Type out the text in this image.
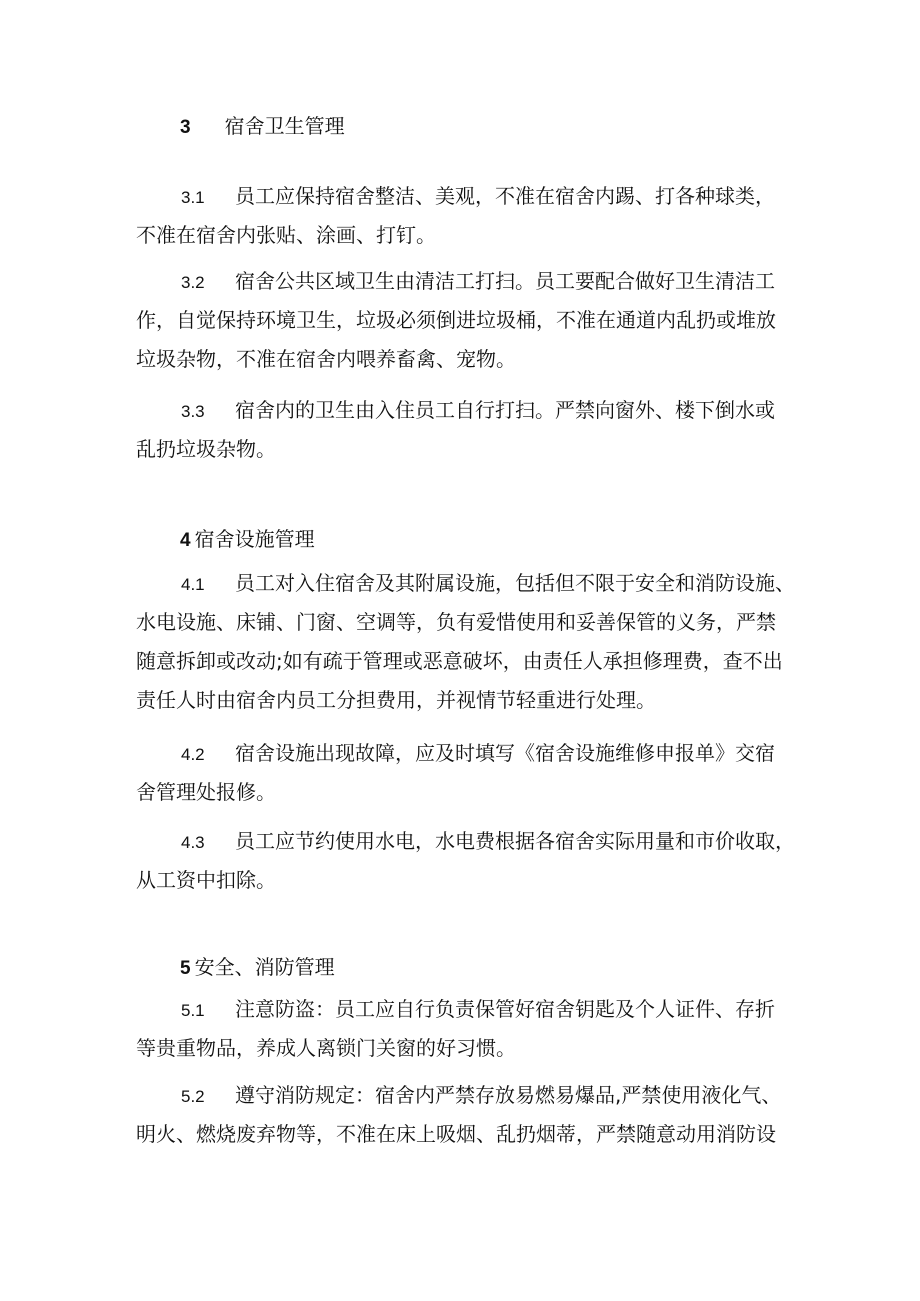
3 宿舍卫生管理
3.1 员工应保持宿舍整洁、美观，不准在宿舍内踢、打各种球类，
不准在宿舍内张贴、涂画、打钉。
3.2 宿舍公共区域卫生由清洁工打扫。员工要配合做好卫生清洁工
作，自觉保持环境卫生，垃圾必须倒进垃圾桶，不准在通道内乱扔或堆放
垃圾杂物，不准在宿舍内喂养畜禽、宠物。
3.3 宿舍内的卫生由入住员工自行打扫。严禁向窗外、楼下倒水或
乱扔垃圾杂物。
4 宿舍设施管理
4.1 员工对入住宿舍及其附属设施，包括但不限于安全和消防设施、
水电设施、床铺、门窗、空调等，负有爱惜使用和妥善保管的义务，严禁
随意拆卸或改动;如有疏于管理或恶意破坏，由责任人承担修理费，查不出
责任人时由宿舍内员工分担费用，并视情节轻重进行处理。
4.2 宿舍设施出现故障，应及时填写《宿舍设施维修申报单》交宿
舍管理处报修。
4.3 员工应节约使用水电，水电费根据各宿舍实际用量和市价收取，
从工资中扣除。
5 安全、消防管理
5.1 注意防盗：员工应自行负责保管好宿舍钥匙及个人证件、存折
等贵重物品，养成人离锁门关窗的好习惯。
5.2 遵守消防规定：宿舍内严禁存放易燃易爆品,严禁使用液化气、
明火、燃烧废弃物等，不准在床上吸烟、乱扔烟蒂，严禁随意动用消防设
